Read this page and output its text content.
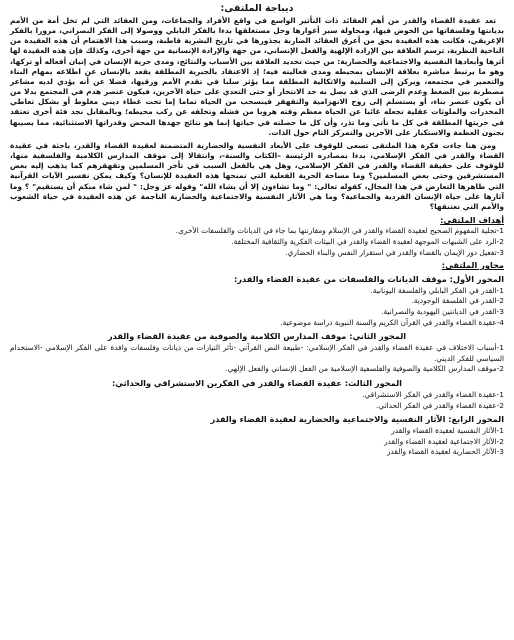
ديباجة الملتقى:

تعد عقيدة القضاء والقدر من أهم العقائد ذات التأثير الواسع في واقع الأفراد والجماعات، ومن العقائد التي لم تخل أمة من الأمم بديانتها وفلسفاتها من الخوض فيها، ومحاولة سبر أغوارها وحل مستغلقها بدءا بالفكر البابلي ووصولا إلى الفكر النصراني، مرورا بالفكر الإغريقي، فكانت هذه العقيدة بحق من أعرق العقائد الضاربة بجذورها في تاريخ البشرية قاطبة، وسبب هذا الاهتمام أن هذه العقيدة من الناحية النظرية، ترسم العلاقة بين الإرادة الإلهية والفعل الإنساني، من جهة والإرادة الإنسانية من جهة أخرى، وكذلك فإن هذه العقيدة لها أثرها وأبعادها النفسية والاجتماعية والحضارية: من حيث تحديد العلاقة بين الأسباب والنتائج، ومدى حرية الإنسان في إتيان أفعاله أو تركها، وهو ما يرتبط مباشرة بعلاقة الإنسان بمحيطه ومدى فعاليته فيه؛ إذ الاعتقاد بالجبرية المطلقة يقعد بالإنسان عن اطلاعه بمهام البناء والتعمير في مجتمعه، ويركن إلى السلبية والاتكالية المطلقة مما يؤثر سلبا في تقدم الأمم ورقيها، فضلا عن أنه يؤدي لديه مشاعر مضطربة بين الضغط وعدم الرضى الذي قد يصل به حد الانتحار أو حتى التعدي على حياة الآخرين، فيكون عنصر هدم في المجتمع بدلا من أن يكون عنصر بناء، أو يستسلم إلى روح الانهزامية والتقهقر فينسحب من الحياة تماما إما تحت غطاء ديني مغلوط أو بشكل تعاطي المخدرات والملوثات عقلية تجعله غائبا عن الحياة معظم وقته هروبا من فشله وتخلفه عن ركب محيطه؛ وبالمقابل نجد فئة أخرى تعتقد في حريتها المطلقة في كل ما تأتي وما تذر، وأن كل ما حصلته في حياتها إنما هو نتائج جهدها المحض وقدراتها الاستثنائية، مما يصيبها بجنون العظمة والاستكبار على الآخرين والتمركز التام حول الذات.

ومن هنا جاءت فكرة هذا الملتقى تسعى للوقوف على الأبعاد النفسية والحضارية المتضمنة لعقيدة القضاء والقدر، باحثة في عقيدة القضاء والقدر في الفكر الإسلامي، بدءا بمصادره الرئيسة –الكتاب والسنة-، وانتقالا إلى موقف المدارس الكلامية والفلسفية منها، للوقوف على حقيقة القضاء والقدر في الفكر الإسلامي، وهل هي بالفعل السبب في تأخر المسلمين وتقهقرهم كما يذهب إليه بعض المستشرقين وحتى بعض المسلمين؟ وما مساحة الحرية الفعلية التي تمنحها هذه العقيدة للإنسان؟ وكيف يمكن تفسير الآيات القرآنية التي ظاهرها التعارض في هذا المجال، كقوله تعالى: " وما تشاءون إلا أن يشاء الله" وقوله عز وجل: " لمن شاء منكم أن يستقيم" ؟ وما آثارها على حياة الإنسان الفردية والجماعية؟ وما هي الآثار النفسية والاجتماعية والحضارية الناجمة عن هذه العقيدة في حياة الشعوب والأمم التي تعتنقها؟

أهداف الملتقى:
1-تجلية المفهوم الصحيح لعقيدة القضاء والقدر في الإسلام ومقارنتها بما جاء في الديانات والفلسفات الأخرى.
2-الرد على الشبهات الموجهة لعقيدة القضاء والقدر في البيئات الفكرية والثقافية المختلفة.
3-تفعيل دور الإيمان بالقضاء والقدر في استقرار النفس والبناء الحضاري.
محاور الملتقى:
المحور الأول: موقف الديانات والفلسفات من عقيدة القضاء والقدر:
1-القدر في الفكر البابلي والفلسفة اليونانية.
2-القدر في الفلسفة الوجودية.
3-القدر في الديانتين اليهودية والنصرانية.
4-عقيدة القضاء والقدر في القرآن الكريم والسنة النبوية دراسة موضوعية.
المحور الثاني: موقف المدارس الكلامية والصوفية من عقيدة القضاء والقدر
1-أسباب الاختلاف في عقيدة القضاء والقدر في الفكر الإسلامي: -طبيعة النص القرآني -تأثر التيارات من ديانات وفلسفات وافدة على الفكر الإسلامي -الاستخدام السياسي للفكر الديني.
2-موقف المدارس الكلامية والصوفية والفلسفية الإسلامية من الفعل الإنساني والفعل الإلهي.
المحور الثالث: عقيدة القضاء والقدر في الفكرين الاستشراقي والحداثي:
1-عقيدة القضاء والقدر في الفكر الاستشراقي.
2-عقيدة القضاء والقدر في الفكر الحداثي.
المحور الرابع: الآثار النفسية والاجتماعية والحضارية لعقيدة القضاء والقدر
1-الآثار النفسية لعقيدة القضاء والقدر
2-الآثار الاجتماعية لعقيدة القضاء والقدر
3-الآثار الحضارية لعقيدة القضاء والقدر
